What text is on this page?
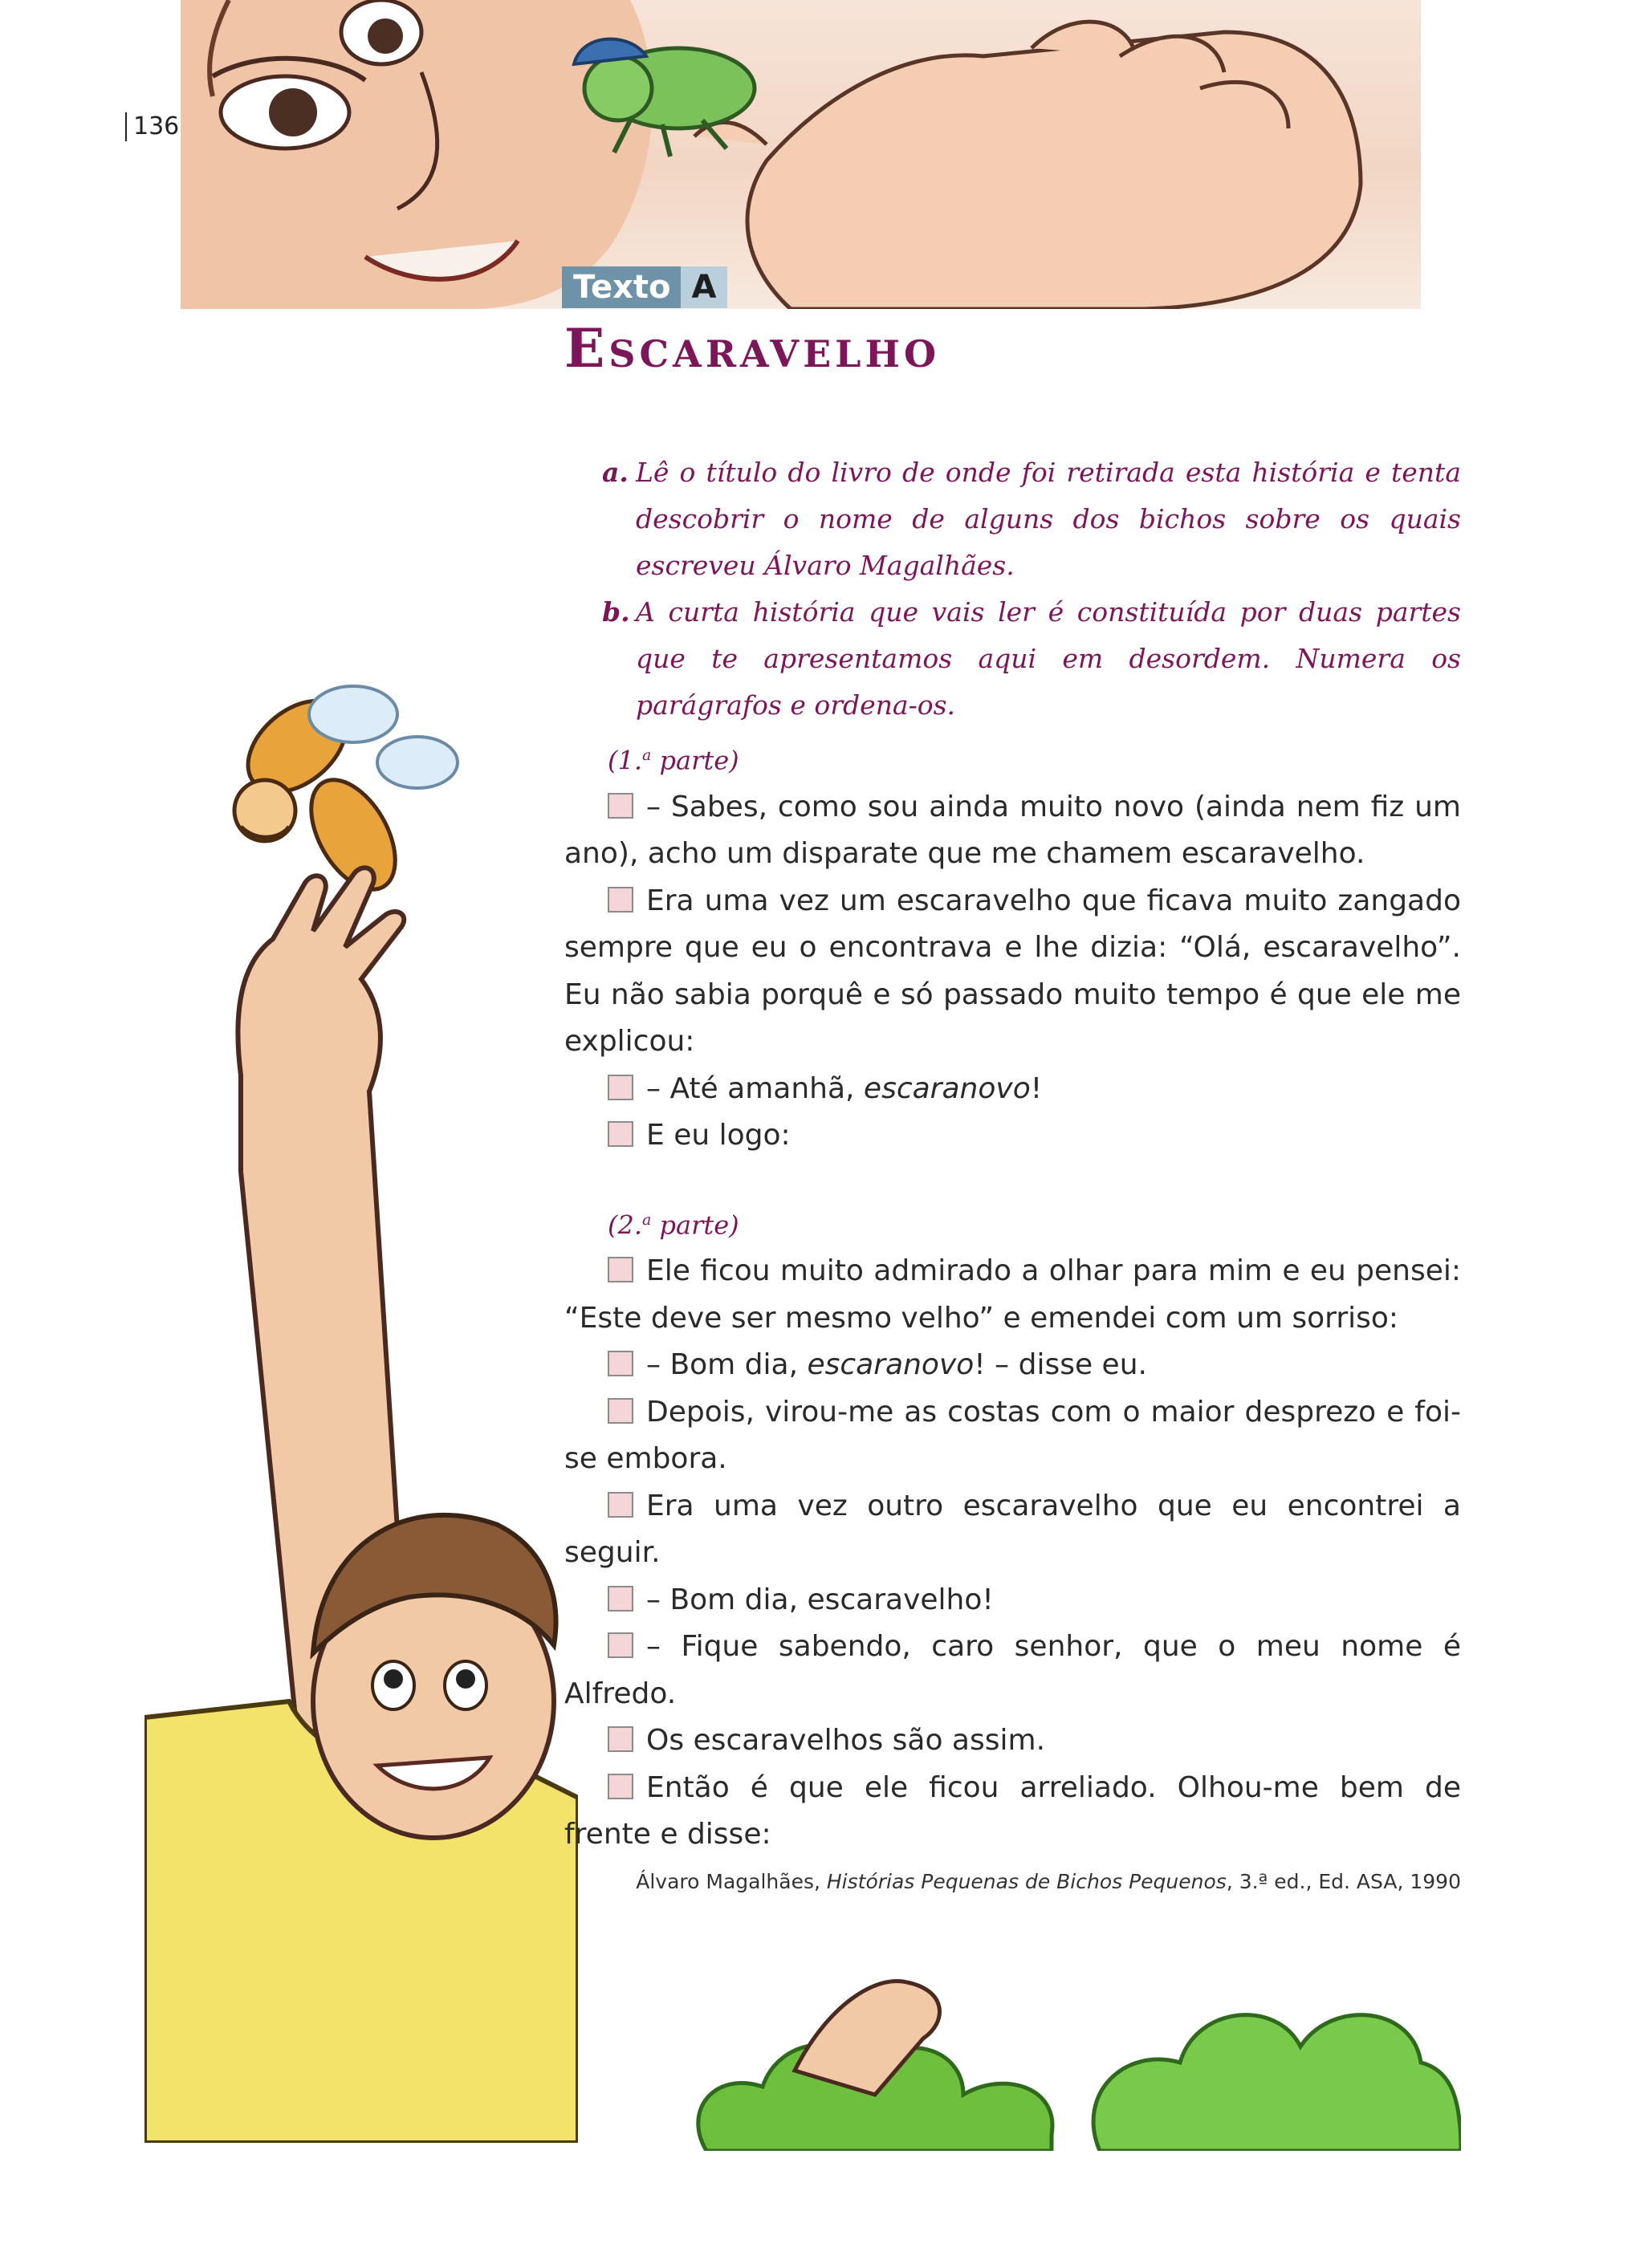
136
Texto A
Escaravelho
a. Lê o título do livro de onde foi retirada esta história e tenta descobrir o nome de alguns dos bichos sobre os quais escreveu Álvaro Magalhães.
b. A curta história que vais ler é constituída por duas partes que te apresentamos aqui em desordem. Numera os parágrafos e ordena-os.
(1.$^a$ parte)

– Sabes, como sou ainda muito novo (ainda nem fiz um ano), acho um disparate que me chamem escaravelho.

Era uma vez um escaravelho que ficava muito zangado sempre que eu o encontrava e lhe dizia: “Olá, escaravelho”. Eu não sabia porquê e só passado muito tempo é que ele me explicou:

– Até amanhã, escaranovo!

E eu logo:

(2.$^a$ parte)

Ele ficou muito admirado a olhar para mim e eu pensei: “Este deve ser mesmo velho” e emendei com um sorriso:

– Bom dia, escaranovo! – disse eu.

Depois, virou-me as costas com o maior desprezo e foi-se embora.

Era uma vez outro escaravelho que eu encontrei a seguir.

– Bom dia, escaravelho!

– Fique sabendo, caro senhor, que o meu nome é Alfredo.

Os escaravelhos são assim.

Então é que ele ficou arreliado. Olhou-me bem de frente e disse:

Álvaro Magalhães, Histórias Pequenas de Bichos Pequenos, 3.ª ed., Ed. ASA, 1990
